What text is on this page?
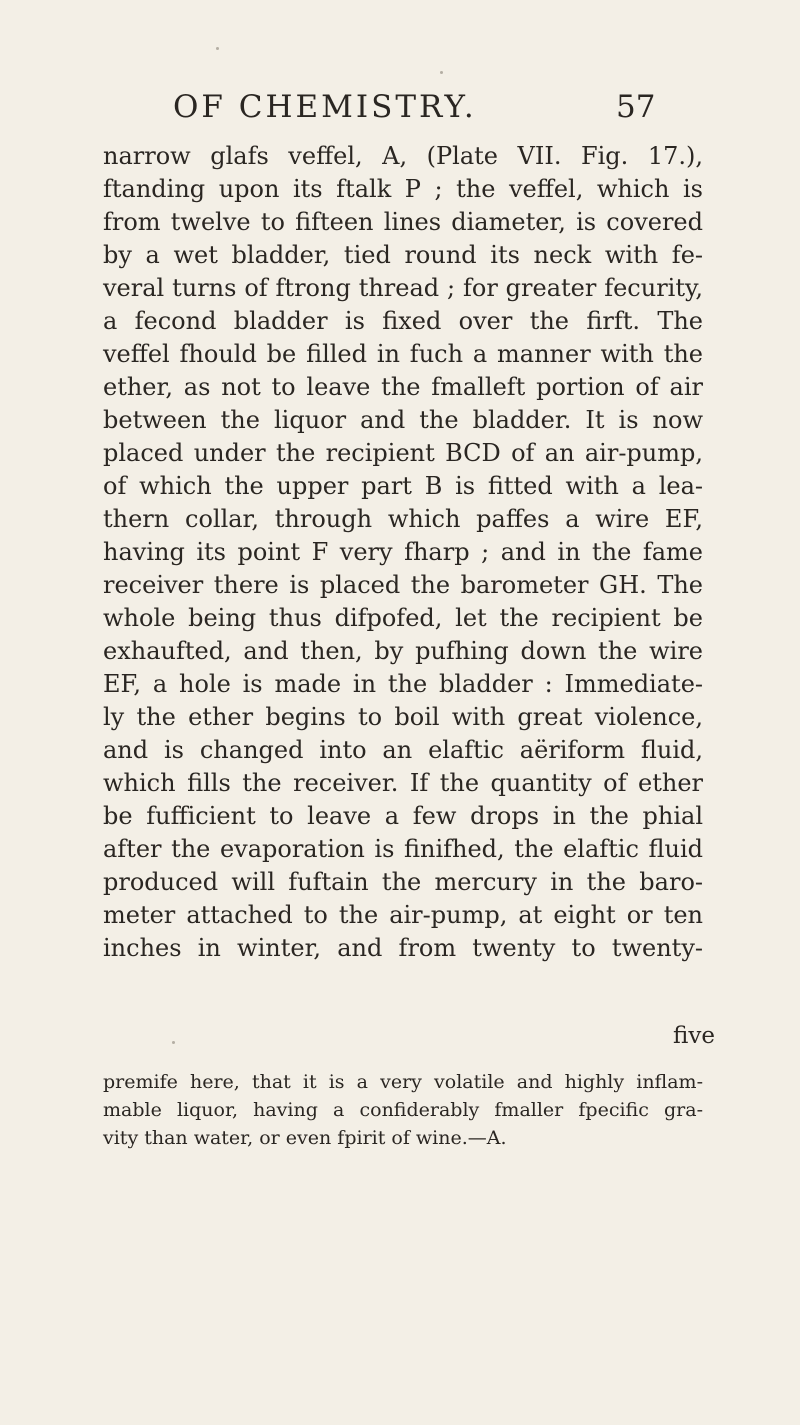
OF CHEMISTRY.	57

narrow glafs veffel, A, (Plate VII. Fig. 17.),
ftanding upon its ftalk P ; the veffel, which is
from twelve to fifteen lines diameter, is covered
by a wet bladder, tied round its neck with fe-
veral turns of ftrong thread ; for greater fecurity,
a fecond bladder is fixed over the firft. The
veffel fhould be filled in fuch a manner with the
ether, as not to leave the fmalleft portion of air
between the liquor and the bladder. It is now
placed under the recipient BCD of an air-pump,
of which the upper part B is fitted with a lea-
thern collar, through which paffes a wire EF,
having its point F very fharp ; and in the fame
receiver there is placed the barometer GH. The
whole being thus difpofed, let the recipient be
exhaufted, and then, by pufhing down the wire
EF, a hole is made in the bladder : Immediate-
ly the ether begins to boil with great violence,
and is changed into an elaftic aëriform fluid,
which fills the receiver. If the quantity of ether
be fufficient to leave a few drops in the phial
after the evaporation is finifhed, the elaftic fluid
produced will fuftain the mercury in the baro-
meter attached to the air-pump, at eight or ten
inches in winter, and from twenty to twenty-

five

premife here, that it is a very volatile and highly inflam-
mable liquor, having a confiderably fmaller fpecific gra-
vity than water, or even fpirit of wine.—A.
